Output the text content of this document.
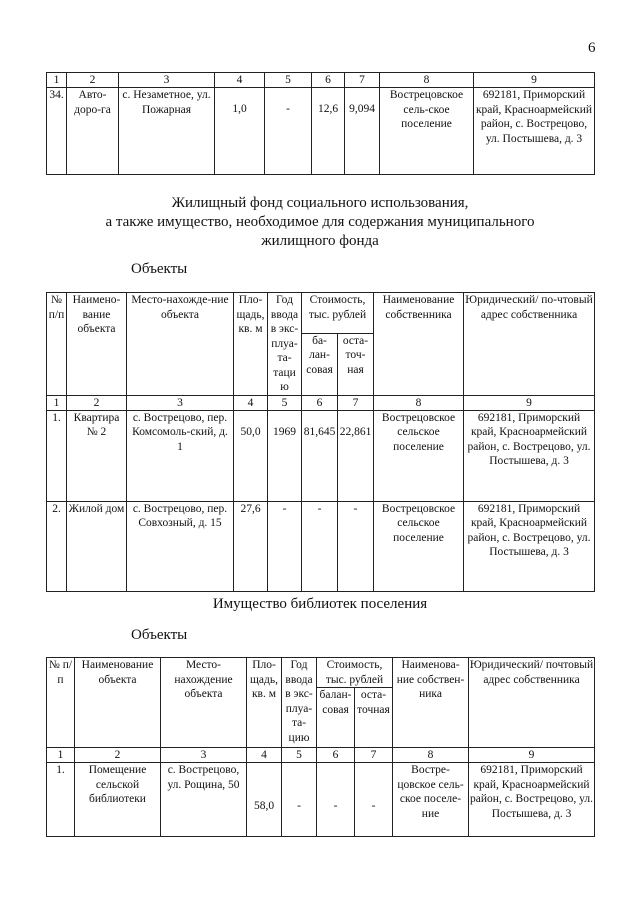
6
1	2	3	4	5	6	7	8	9
34.	Авто-доро-га	с. Незаметное, ул. Пожарная	1,0	-	12,6	9,094	Вострецовское сель-ское поселение	692181, Приморский край, Красноармейский район, с. Вострецово, ул. Постышева, д. 3
Жилищный фонд социального использования,
а также имущество, необходимое для содержания муниципального
жилищного фонда
Объекты
№ п/п	Наимено-вание объекта	Место-нахожде-ние объекта	Пло-щадь, кв. м	Год ввода в экс-плуа-та-тацию	Стоимость, тыс. рублей		Наименование собственника	Юридический/ по-чтовый адрес собственника
					ба-лан-совая	оста-точ-ная		
1	2	3	4	5	6	7	8	9
1.	Квартира № 2	с. Вострецово, пер. Комсомоль-ский, д. 1	50,0	1969	81,645	22,861	Вострецовское сельское поселение	692181, Приморский край, Красноармейский район, с. Вострецово, ул. Постышева, д. 3
2.	Жилой дом	с. Вострецово, пер. Совхозный, д. 15	27,6	-	-	-	Вострецовское сельское поселение	692181, Приморский край, Красноармейский район, с. Вострецово, ул. Постышева, д. 3
Имущество библиотек поселения
Объекты
№ п/п	Наименование объекта	Место-нахождение объекта	Пло-щадь, кв. м	Год ввода в экс-плуа-та-цию	Стоимость, тыс. рублей		Наименова-ние собствен-ника	Юридический/ почтовый адрес собственника
					балан-совая	оста-точная		
1	2	3	4	5	6	7	8	9
1.	Помещение сельской библиотеки	с. Вострецово, ул. Рощина, 50	58,0	-	-	-	Востре-цовское сель-ское поселе-ние	692181, Приморский край, Красноармейский район, с. Вострецово, ул. Постышева, д. 3
